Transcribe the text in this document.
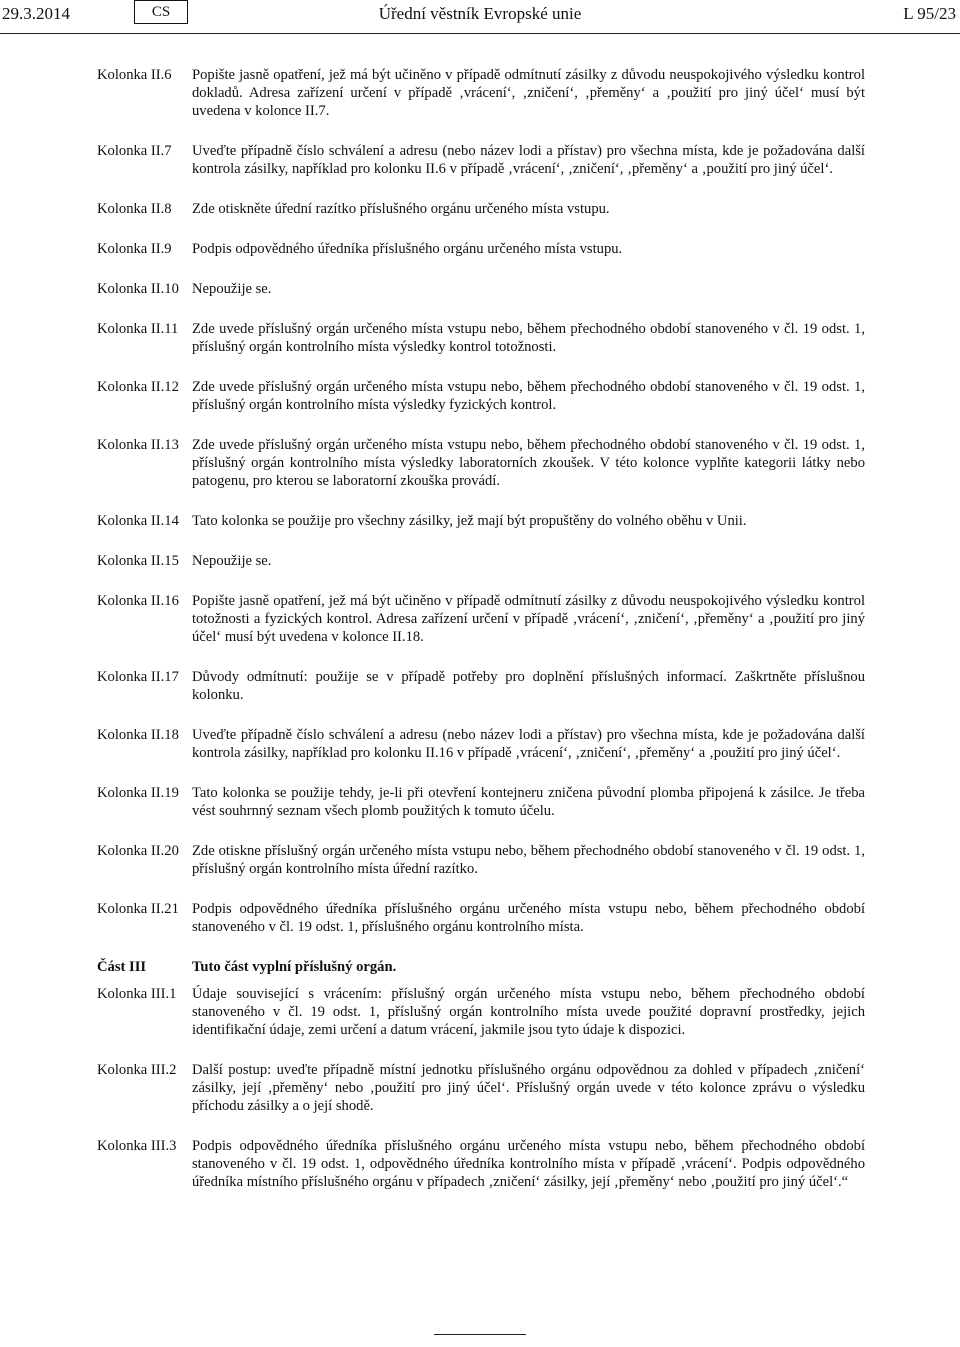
29.3.2014	CS	Úřední věstník Evropské unie	L 95/23
Kolonka II.6	Popište jasně opatření, jež má být učiněno v případě odmítnutí zásilky z důvodu neuspokojivého výsledku kontrol dokladů. Adresa zařízení určení v případě ‚vrácení‘, ‚zničení‘, ‚přeměny‘ a ‚použití pro jiný účel‘ musí být uvedena v kolonce II.7.
Kolonka II.7	Uveďte případně číslo schválení a adresu (nebo název lodi a přístav) pro všechna místa, kde je požadována další kontrola zásilky, například pro kolonku II.6 v případě ‚vrácení‘, ‚zničení‘, ‚přeměny‘ a ‚použití pro jiný účel‘.
Kolonka II.8	Zde otiskněte úřední razítko příslušného orgánu určeného místa vstupu.
Kolonka II.9	Podpis odpovědného úředníka příslušného orgánu určeného místa vstupu.
Kolonka II.10 Nepoužije se.
Kolonka II.11 Zde uvede příslušný orgán určeného místa vstupu nebo, během přechodného období stanoveného v čl. 19 odst. 1, příslušný orgán kontrolního místa výsledky kontrol totožnosti.
Kolonka II.12 Zde uvede příslušný orgán určeného místa vstupu nebo, během přechodného období stanoveného v čl. 19 odst. 1, příslušný orgán kontrolního místa výsledky fyzických kontrol.
Kolonka II.13 Zde uvede příslušný orgán určeného místa vstupu nebo, během přechodného období stanoveného v čl. 19 odst. 1, příslušný orgán kontrolního místa výsledky laboratorních zkoušek. V této kolonce vyplňte kategorii látky nebo patogenu, pro kterou se laboratorní zkouška provádí.
Kolonka II.14 Tato kolonka se použije pro všechny zásilky, jež mají být propuštěny do volného oběhu v Unii.
Kolonka II.15 Nepoužije se.
Kolonka II.16 Popište jasně opatření, jež má být učiněno v případě odmítnutí zásilky z důvodu neuspokojivého výsledku kontrol totožnosti a fyzických kontrol. Adresa zařízení určení v případě ‚vrácení‘, ‚zničení‘, ‚přeměny‘ a ‚použití pro jiný účel‘ musí být uvedena v kolonce II.18.
Kolonka II.17 Důvody odmítnutí: použije se v případě potřeby pro doplnění příslušných informací. Zaškrtněte příslušnou kolonku.
Kolonka II.18 Uveďte případně číslo schválení a adresu (nebo název lodi a přístav) pro všechna místa, kde je požadována další kontrola zásilky, například pro kolonku II.16 v případě ‚vrácení‘, ‚zničení‘, ‚přeměny‘ a ‚použití pro jiný účel‘.
Kolonka II.19 Tato kolonka se použije tehdy, je-li při otevření kontejneru zničena původní plomba připojená k zásilce. Je třeba vést souhrnný seznam všech plomb použitých k tomuto účelu.
Kolonka II.20 Zde otiskne příslušný orgán určeného místa vstupu nebo, během přechodného období stanoveného v čl. 19 odst. 1, příslušný orgán kontrolního místa úřední razítko.
Kolonka II.21 Podpis odpovědného úředníka příslušného orgánu určeného místa vstupu nebo, během přechodného období stanoveného v čl. 19 odst. 1, příslušného orgánu kontrolního místa.
Část III	Tuto část vyplní příslušný orgán.
Kolonka III.1	Údaje související s vrácením: příslušný orgán určeného místa vstupu nebo, během přechodného období stanoveného v čl. 19 odst. 1, příslušný orgán kontrolního místa uvede použité dopravní prostředky, jejich identifikační údaje, zemi určení a datum vrácení, jakmile jsou tyto údaje k dispozici.
Kolonka III.2	Další postup: uveďte případně místní jednotku příslušného orgánu odpovědnou za dohled v případech ‚zničení‘ zásilky, její ‚přeměny‘ nebo ‚použití pro jiný účel‘. Příslušný orgán uvede v této kolonce zprávu o výsledku příchodu zásilky a o její shodě.
Kolonka III.3	Podpis odpovědného úředníka příslušného orgánu určeného místa vstupu nebo, během přechodného období stanoveného v čl. 19 odst. 1, odpovědného úředníka kontrolního místa v případě ‚vrácení‘. Podpis odpovědného úředníka místního příslušného orgánu v případech ‚zničení‘ zásilky, její ‚přeměny‘ nebo ‚použití pro jiný účel‘.“
